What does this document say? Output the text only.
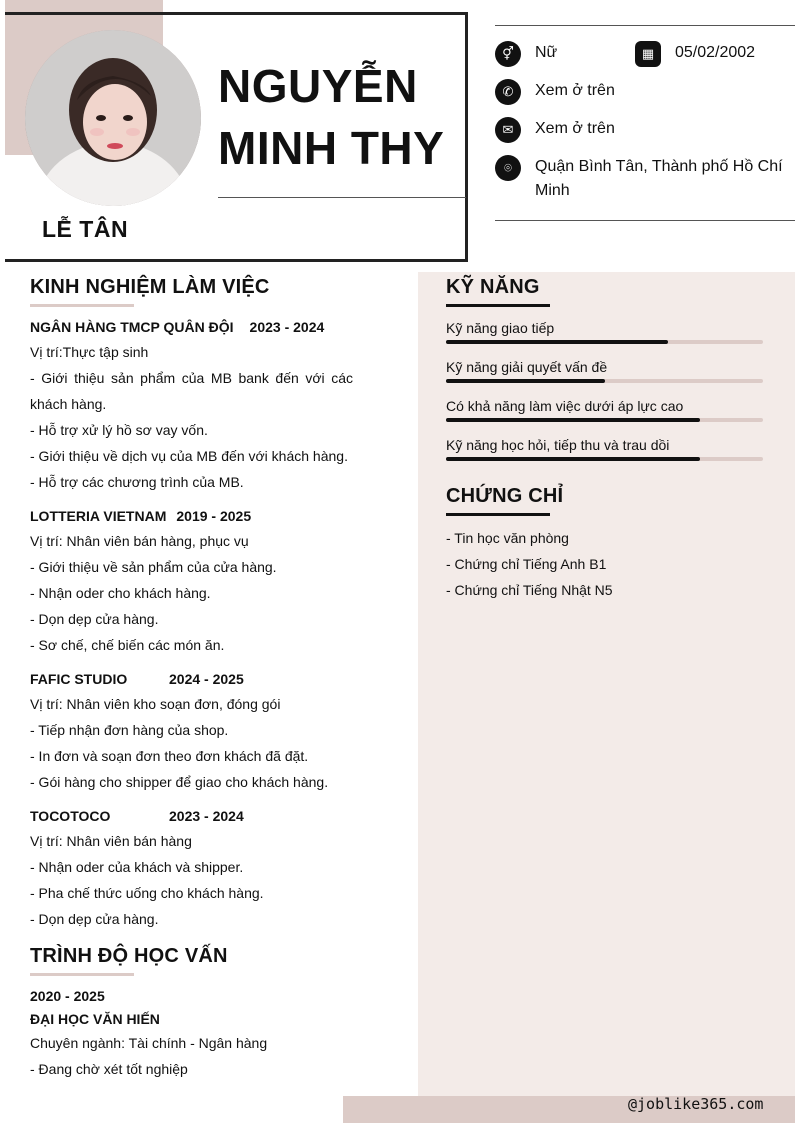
LỄ TÂN
NGUYỄN
MINH THY
⚥	Nữ	▦	05/02/2002
✆	Xem ở trên
✉	Xem ở trên
⌾	Quận Bình Tân, Thành phố Hồ Chí Minh
KINH NGHIỆM LÀM VIỆC
NGÂN HÀNG TMCP QUÂN ĐỘI 2023 - 2024
Vị trí:Thực tập sinh
- Giới thiệu sản phẩm của MB bank đến với các khách hàng.
- Hỗ trợ xử lý hồ sơ vay vốn.
- Giới thiệu về dịch vụ của MB đến với khách hàng.
- Hỗ trợ các chương trình của MB.
LOTTERIA VIETNAM 2019 - 2025
Vị trí: Nhân viên bán hàng, phục vụ
- Giới thiệu về sản phẩm của cửa hàng.
- Nhận oder cho khách hàng.
- Dọn dẹp cửa hàng.
- Sơ chế, chế biến các món ăn.
FAFIC STUDIO	2024 - 2025
Vị trí: Nhân viên kho soạn đơn, đóng gói
- Tiếp nhận đơn hàng của shop.
- In đơn và soạn đơn theo đơn khách đã đặt.
- Gói hàng cho shipper để giao cho khách hàng.
TOCOTOCO	2023 - 2024
Vị trí: Nhân viên bán hàng
- Nhận oder của khách và shipper.
- Pha chế thức uống cho khách hàng.
- Dọn dẹp cửa hàng.
TRÌNH ĐỘ HỌC VẤN
2020 - 2025
ĐẠI HỌC VĂN HIẾN
Chuyên ngành: Tài chính - Ngân hàng
- Đang chờ xét tốt nghiệp
KỸ NĂNG
Kỹ năng giao tiếp
Kỹ năng giải quyết vấn đề
Có khả năng làm việc dưới áp lực cao
Kỹ năng học hỏi, tiếp thu và trau dồi
CHỨNG CHỈ
- Tin học văn phòng
- Chứng chỉ Tiếng Anh B1
- Chứng chỉ Tiếng Nhật N5
@joblike365.com
